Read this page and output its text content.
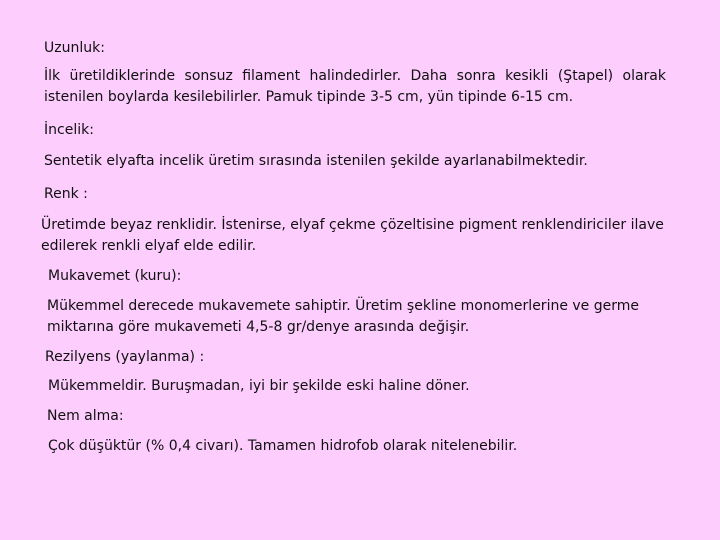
Uzunluk:

İlk üretildiklerinde sonsuz filament halindedirler. Daha sonra kesikli (Ştapel) olarak istenilen boylarda kesilebilirler. Pamuk tipinde 3-5 cm, yün tipinde 6-15 cm.

İncelik:

Sentetik elyafta incelik üretim sırasında istenilen şekilde ayarlanabilmektedir.

Renk :

Üretimde beyaz renklidir. İstenirse, elyaf çekme çözeltisine pigment renklendiriciler ilave edilerek renkli elyaf elde edilir.

Mukavemet (kuru):

Mükemmel derecede mukavemete sahiptir. Üretim şekline monomerlerine ve germe miktarına göre mukavemeti 4,5-8 gr/denye arasında değişir.

Rezilyens (yaylanma) :

Mükemmeldir. Buruşmadan, iyi bir şekilde eski haline döner.

Nem alma:

Çok düşüktür (% 0,4 civarı). Tamamen hidrofob olarak nitelenebilir.
